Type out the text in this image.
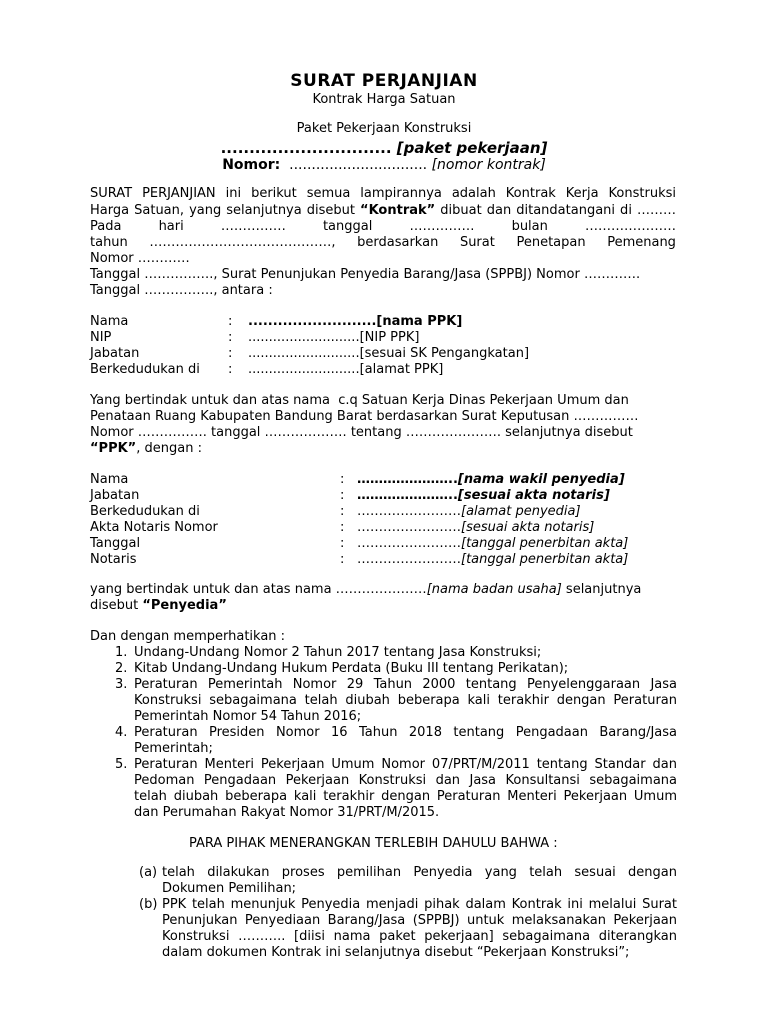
SURAT PERJANJIAN
Kontrak Harga Satuan
Paket Pekerjaan Konstruksi
.............................. [paket pekerjaan]
Nomor: ............................... [nomor kontrak]
SURAT PERJANJIAN ini berikut semua lampirannya adalah Kontrak Kerja Konstruksi
Harga Satuan, yang selanjutnya disebut “Kontrak” dibuat dan ditandatangani di ………
Pada	hari	……………	tanggal	……………	bulan	…………………
tahun ……………………………………, berdasarkan Surat Penetapan Pemenang
Nomor …………
Tanggal ……………., Surat Penunjukan Penyedia Barang/Jasa (SPPBJ) Nomor ………….
Tanggal ……………., antara :
Nama	: ..........................[nama PPK]
NIP	: ...........................[NIP PPK]
Jabatan	: ...........................[sesuai SK Pengangkatan]
Berkedudukan di : ...........................[alamat PPK]
Yang bertindak untuk dan atas nama  c.q Satuan Kerja Dinas Pekerjaan Umum dan
Penataan Ruang Kabupaten Bandung Barat berdasarkan Surat Keputusan ……………
Nomor ……………. tanggal ………………. tentang …………………. selanjutnya disebut
“PPK”, dengan :
Nama	: …………………..[nama wakil penyedia]
Jabatan	: …………………..[sesuai akta notaris]
Berkedudukan di	: ……………………[alamat penyedia]
Akta Notaris Nomor	: ……………………[sesuai akta notaris]
Tanggal	: ……………………[tanggal penerbitan akta]
Notaris	: ……………………[tanggal penerbitan akta]
yang bertindak untuk dan atas nama …………………[nama badan usaha] selanjutnya
disebut “Penyedia”
Dan dengan memperhatikan :
1. Undang-Undang Nomor 2 Tahun 2017 tentang Jasa Konstruksi;
2. Kitab Undang-Undang Hukum Perdata (Buku III tentang Perikatan);
3. Peraturan Pemerintah Nomor 29 Tahun 2000 tentang Penyelenggaraan Jasa
Konstruksi sebagaimana telah diubah beberapa kali terakhir dengan Peraturan
Pemerintah Nomor 54 Tahun 2016;
4. Peraturan Presiden Nomor 16 Tahun 2018 tentang Pengadaan Barang/Jasa
Pemerintah;
5. Peraturan Menteri Pekerjaan Umum Nomor 07/PRT/M/2011 tentang Standar dan
Pedoman Pengadaan Pekerjaan Konstruksi dan Jasa Konsultansi sebagaimana
telah diubah beberapa kali terakhir dengan Peraturan Menteri Pekerjaan Umum
dan Perumahan Rakyat Nomor 31/PRT/M/2015.
PARA PIHAK MENERANGKAN TERLEBIH DAHULU BAHWA :
(a) telah dilakukan proses pemilihan Penyedia yang telah sesuai dengan
Dokumen Pemilihan;
(b) PPK telah menunjuk Penyedia menjadi pihak dalam Kontrak ini melalui Surat
Penunjukan Penyediaan Barang/Jasa (SPPBJ) untuk melaksanakan Pekerjaan
Konstruksi ……….. [diisi nama paket pekerjaan] sebagaimana diterangkan
dalam dokumen Kontrak ini selanjutnya disebut “Pekerjaan Konstruksi”;
